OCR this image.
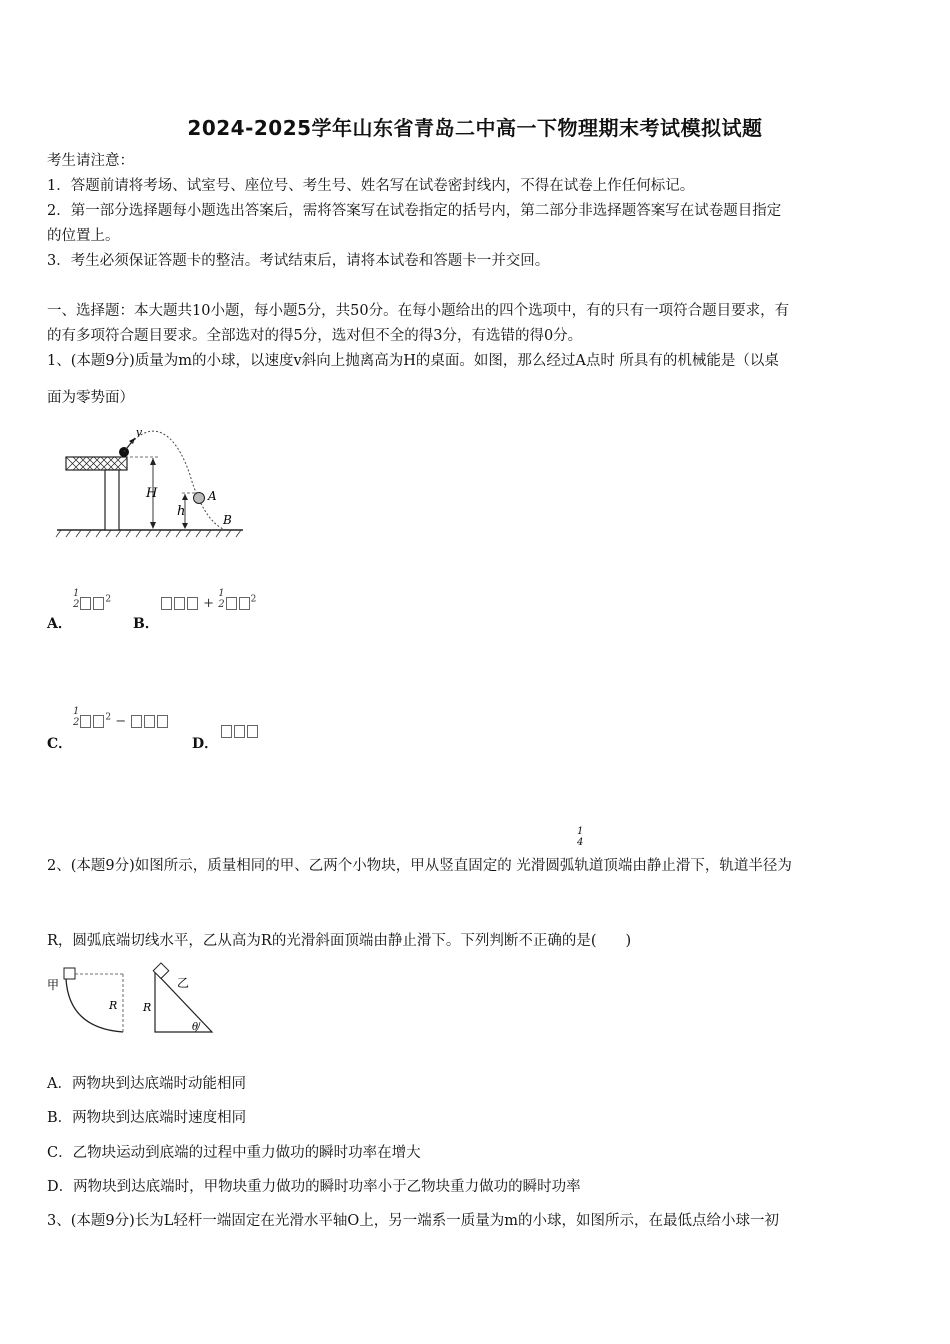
2024-2025学年山东省青岛二中高一下物理期末考试模拟试题
考生请注意：
1．答题前请将考场、试室号、座位号、考生号、姓名写在试卷密封线内，不得在试卷上作任何标记。
2．第一部分选择题每小题选出答案后，需将答案写在试卷指定的括号内，第二部分非选择题答案写在试卷题目指定
的位置上。
3．考生必须保证答题卡的整洁。考试结束后，请将本试卷和答题卡一并交回。
一、选择题：本大题共10小题，每小题5分，共50分。在每小题给出的四个选项中，有的只有一项符合题目要求，有
的有多项符合题目要求。全部选对的得5分，选对但不全的得3分，有选错的得0分。
1、(本题9分)质量为m的小球，以速度v斜向上抛离高为H的桌面。如图，那么经过A点时 所具有的机械能是（以桌
面为零势面）
v
H
h
A
B
A．
1
2	$^2$
B．
+ 1
2	$^2$
C．
1
2	$^2$ −
D．
1
4
2、(本题9分)如图所示，质量相同的甲、乙两个小物块，甲从竖直固定的 光滑圆弧轨道顶端由静止滑下，轨道半径为
R，圆弧底端切线水平，乙从高为R的光滑斜面顶端由静止滑下。下列判断不正确的是(　　)
甲
R
乙
R
θ
A．两物块到达底端时动能相同
B．两物块到达底端时速度相同
C．乙物块运动到底端的过程中重力做功的瞬时功率在增大
D．两物块到达底端时，甲物块重力做功的瞬时功率小于乙物块重力做功的瞬时功率
3、(本题9分)长为L轻杆一端固定在光滑水平轴O上，另一端系一质量为m的小球，如图所示，在最低点给小球一初
